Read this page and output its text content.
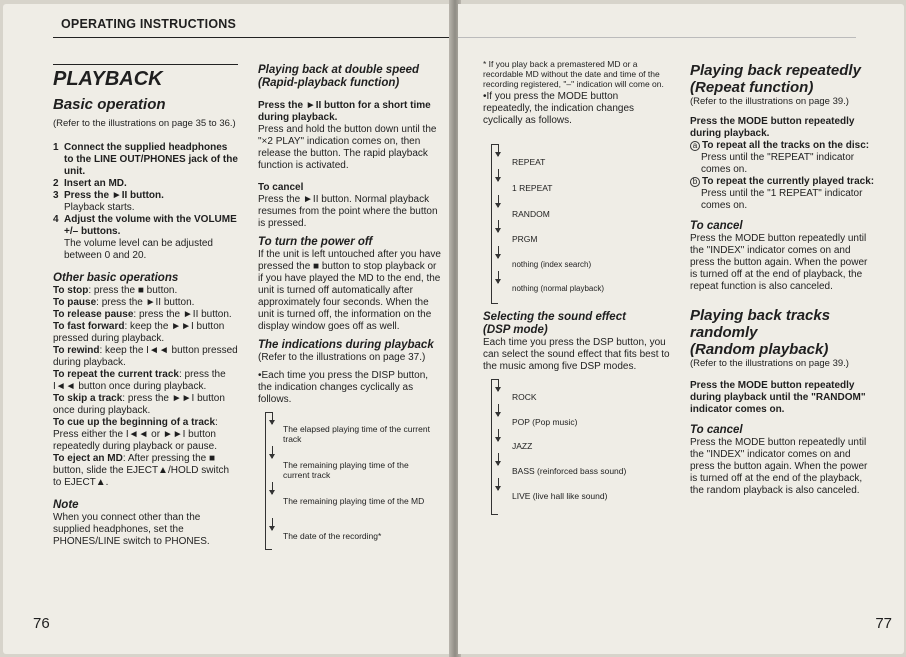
OPERATING INSTRUCTIONS
PLAYBACK
Basic operation

(Refer to the illustrations on page 35 to 36.)

1 Connect the supplied headphones to the LINE OUT/PHONES jack of the unit.
2 Insert an MD.
3 Press the ►II button.

Playback starts.

4 Adjust the volume with the VOLUME +/– buttons.

The volume level can be adjusted between 0 and 20.

Other basic operations

To stop: press the ■ button.

To pause: press the ►II button.

To release pause: press the ►II button.

To fast forward: keep the ►►I button pressed during playback.

To rewind: keep the I◄◄ button pressed during playback.

To repeat the current track: press the I◄◄ button once during playback.

To skip a track: press the ►►I button once during playback.

To cue up the beginning of a track: Press either the I◄◄ or ►►I button repeatedly during playback or pause.

To eject an MD: After pressing the ■ button, slide the EJECT▲/HOLD switch to EJECT▲.

Note

When you connect other than the supplied headphones, set the PHONES/LINE switch to PHONES.

Playing back at double speed
(Rapid-playback function)

Press the ►II button for a short time during playback.

Press and hold the button down until the "×2 PLAY" indication comes on, then release the button. The rapid playback function is activated.

To cancel

Press the ►II button. Normal playback resumes from the point where the button is pressed.

To turn the power off

If the unit is left untouched after you have pressed the ■ button to stop playback or if you have played the MD to the end, the unit is turned off automatically after approximately four seconds. When the unit is turned off, the information on the display window goes off as well.

The indications during playback

(Refer to the illustrations on page 37.)

•Each time you press the DISP button, the indication changes cyclically as follows.

The elapsed playing time of the current track
The remaining playing time of the current track
The remaining playing time of the MD
The date of the recording*
76

* If you play back a premastered MD or a recordable MD without the date and time of the recording registered, "–" indication will come on.

•If you press the MODE button repeatedly, the indication changes cyclically as follows.

REPEAT
1 REPEAT
RANDOM
PRGM
nothing (index search)
nothing (normal playback)
Selecting the sound effect
(DSP mode)

Each time you press the DSP button, you can select the sound effect that fits best to the music among five DSP modes.

ROCK
POP (Pop music)
JAZZ
BASS (reinforced bass sound)
LIVE (live hall like sound)
Playing back repeatedly
(Repeat function)

(Refer to the illustrations on page 39.)

Press the MODE button repeatedly during playback.

a To repeat all the tracks on the disc:

Press until the "REPEAT" indicator comes on.

b To repeat the currently played track:

Press until the "1 REPEAT" indicator comes on.

To cancel

Press the MODE button repeatedly until the "INDEX" indicator comes on and press the button again. When the power is turned off at the end of playback, the repeat function is also canceled.

Playing back tracks
randomly
(Random playback)

(Refer to the illustrations on page 39.)

Press the MODE button repeatedly during playback until the "RANDOM" indicator comes on.

To cancel

Press the MODE button repeatedly until the "INDEX" indicator comes on and press the button again. When the power is turned off at the end of the playback, the random playback is also canceled.

77
